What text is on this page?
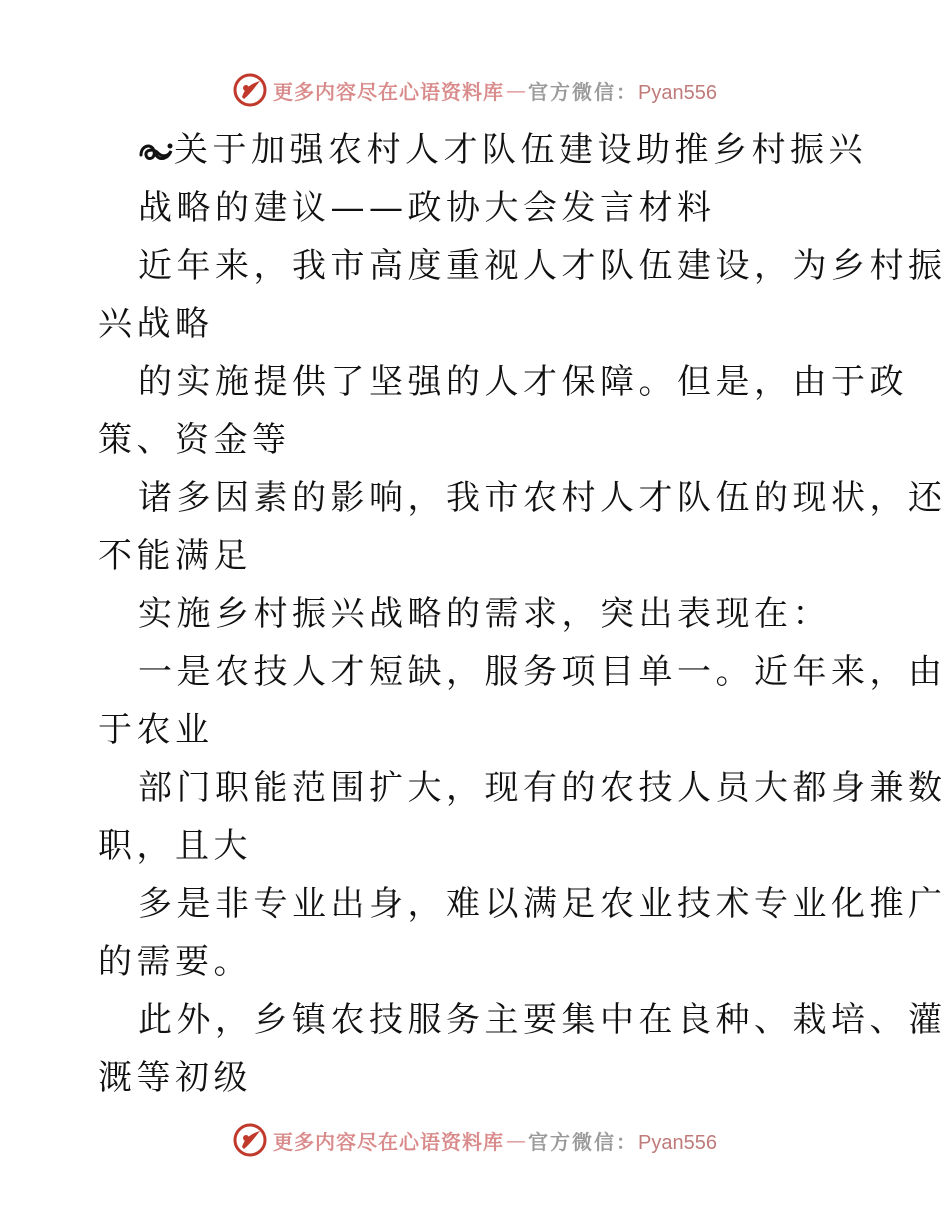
更多内容尽在心语资料库 — 官方微信：Pyan556
关于加强农村人才队伍建设助推乡村振兴
战略的建议——政协大会发言材料
近年来，我市高度重视人才队伍建设，为乡村振
兴战略
的实施提供了坚强的人才保障。但是，由于政
策、资金等
诸多因素的影响，我市农村人才队伍的现状，还
不能满足
实施乡村振兴战略的需求，突出表现在：
一是农技人才短缺，服务项目单一。近年来，由
于农业
部门职能范围扩大，现有的农技人员大都身兼数
职，且大
多是非专业出身，难以满足农业技术专业化推广
的需要。
此外，乡镇农技服务主要集中在良种、栽培、灌
溉等初级
更多内容尽在心语资料库 — 官方微信：Pyan556
